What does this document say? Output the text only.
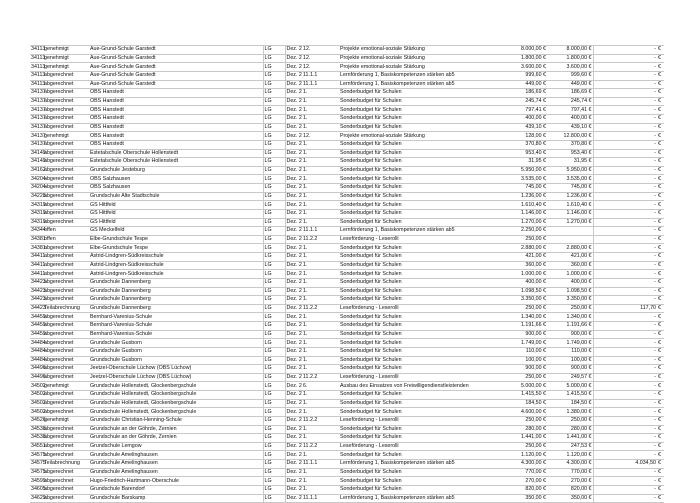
34113	genehmigt	Aue-Grund-Schule Garstedt	LG	Dez. 2	12.	Projekte emotional-soziale Stärkung	8.000,00 €	8.000,00 €	-	€
34113	genehmigt	Aue-Grund-Schule Garstedt	LG	Dez. 2	12.	Projekte emotional-soziale Stärkung	1.800,00 €	1.800,00 €	-	€
34113	genehmigt	Aue-Grund-Schule Garstedt	LG	Dez. 2	12.	Projekte emotional-soziale Stärkung	3.600,00 €	3.600,00 €	-	€
34113	abgerechnet	Aue-Grund-Schule Garstedt	LG	Dez. 2	11.1.1	Lernförderung 1, Basiskompetenzen stärken ab5	999,60 €	999,60 €	-	€
34113	abgerechnet	Aue-Grund-Schule Garstedt	LG	Dez. 2	11.1.1	Lernförderung 1, Basiskompetenzen stärken ab5	449,00 €	449,00 €	-	€
34137	abgerechnet	OBS Hanstedt	LG	Dez. 2	1.	Sonderbudget für Schulen	186,69 €	186,69 €	-	€
34137	abgerechnet	OBS Hanstedt	LG	Dez. 2	1.	Sonderbudget für Schulen	245,74 €	245,74 €	-	€
34137	abgerechnet	OBS Hanstedt	LG	Dez. 2	1.	Sonderbudget für Schulen	797,41 €	797,41 €	-	€
34137	abgerechnet	OBS Hanstedt	LG	Dez. 2	1.	Sonderbudget für Schulen	400,00 €	400,00 €	-	€
34137	abgerechnet	OBS Hanstedt	LG	Dez. 2	1.	Sonderbudget für Schulen	439,10 €	439,10 €	-	€
34137	genehmigt	OBS Hanstedt	LG	Dez. 2	12.	Projekte emotional-soziale Stärkung	128,00 €	12.800,00 €	-	€
34137	abgerechnet	OBS Hanstedt	LG	Dez. 2	1.	Sonderbudget für Schulen	370,80 €	370,80 €	-	€
34149	abgerechnet	Estetalschule Oberschule Hollenstedt	LG	Dez. 2	1.	Sonderbudget für Schulen	953,40 €	953,40 €	-	€
34149	abgerechnet	Estetalschule Oberschule Hollenstedt	LG	Dez. 2	1.	Sonderbudget für Schulen	31,95 €	31,95 €	-	€
34162	abgerechnet	Grundschule Jesteburg	LG	Dez. 2	1.	Sonderbudget für Schulen	5.950,00 €	5.950,00 €	-	€
34204	abgerechnet	OBS Salzhausen	LG	Dez. 2	1.	Sonderbudget für Schulen	3.535,00 €	3.535,00 €	-	€
34204	abgerechnet	OBS Salzhausen	LG	Dez. 2	1.	Sonderbudget für Schulen	745,00 €	745,00 €	-	€
34228	abgerechnet	Grundschule Alte Stadtschule	LG	Dez. 2	1.	Sonderbudget für Schulen	1.236,00 €	1.236,00 €	-	€
34319	abgerechnet	GS Hittfeld	LG	Dez. 2	1.	Sonderbudget für Schulen	1.610,40 €	1.610,40 €	-	€
34319	abgerechnet	GS Hittfeld	LG	Dez. 2	1.	Sonderbudget für Schulen	1.146,00 €	1.146,00 €	-	€
34319	abgerechnet	GS Hittfeld	LG	Dez. 2	1.	Sonderbudget für Schulen	1.270,00 €	1.270,00 €	-	€
34344	offen	GS Meckelfeld	LG	Dez. 2	11.1.1	Lernförderung 1, Basiskompetenzen stärken ab5	2.250,00 €		-	€
34381	offen	Elbe-Grundschule Tespe	LG	Dez. 2	11.2.2	Leseförderung - Leserolli	250,00 €		-	€
34381	abgerechnet	Elbe-Grundschule Tespe	LG	Dez. 2	1.	Sonderbudget für Schulen	2.880,00 €	2.880,00 €	-	€
34411	abgerechnet	Astrid-Lindgren-Südkreisschule	LG	Dez. 2	1.	Sonderbudget für Schulen	421,00 €	421,00 €	-	€
34411	abgerechnet	Astrid-Lindgren-Südkreisschule	LG	Dez. 2	1.	Sonderbudget für Schulen	360,00 €	360,00 €	-	€
34411	abgerechnet	Astrid-Lindgren-Südkreisschule	LG	Dez. 2	1.	Sonderbudget für Schulen	1.000,00 €	1.000,00 €	-	€
34423	abgerechnet	Grundschule Dannenberg	LG	Dez. 2	1.	Sonderbudget für Schulen	400,00 €	400,00 €	-	€
34423	abgerechnet	Grundschule Dannenberg	LG	Dez. 2	1.	Sonderbudget für Schulen	1.098,50 €	1.098,50 €	-	€
34423	abgerechnet	Grundschule Dannenberg	LG	Dez. 2	1.	Sonderbudget für Schulen	3.350,00 €	3.350,00 €	-	€
34423	Teilabrechnung	Grundschule Dannenberg	LG	Dez. 2	11.2.2	Leseförderung - Leserolli	250,00 €	250,00 €	117,70	€
34459	abgerechnet	Bernhard-Varenius-Schule	LG	Dez. 2	1.	Sonderbudget für Schulen	1.340,00 €	1.340,00 €	-	€
34459	abgerechnet	Bernhard-Varenius-Schule	LG	Dez. 2	1.	Sonderbudget für Schulen	1.191,66 €	1.191,66 €	-	€
34459	abgerechnet	Bernhard-Varenius-Schule	LG	Dez. 2	1.	Sonderbudget für Schulen	900,00 €	900,00 €	-	€
34484	abgerechnet	Grundschule Gusborn	LG	Dez. 2	1.	Sonderbudget für Schulen	1.749,00 €	1.749,00 €	-	€
34484	abgerechnet	Grundschule Gusborn	LG	Dez. 2	1.	Sonderbudget für Schulen	110,00 €	110,00 €	-	€
34484	abgerechnet	Grundschule Gusborn	LG	Dez. 2	1.	Sonderbudget für Schulen	100,00 €	100,00 €	-	€
34496	abgerechnet	Jeetzel-Oberschule Lüchow (OBS Lüchow)	LG	Dez. 2	1.	Sonderbudget für Schulen	900,00 €	900,00 €	-	€
34496	abgerechnet	Jeetzel-Oberschule Lüchow (OBS Lüchow)	LG	Dez. 2	11.2.2	Leseförderung - Leserolli	250,00 €	249,57 €	-	€
34502	genehmigt	Grundschule Hollenstedt, Glockenbergschule	LG	Dez. 2	6.	Ausbau des Einsatzes von Freiwilligendienstleistenden	5.000,00 €	5.000,00 €	-	€
34502	abgerechnet	Grundschule Hollenstedt, Glockenbergschule	LG	Dez. 2	1.	Sonderbudget für Schulen	1.415,50 €	1.415,50 €	-	€
34502	abgerechnet	Grundschule Hollenstedt, Glockenbergschule	LG	Dez. 2	1.	Sonderbudget für Schulen	184,50 €	184,50 €	-	€
34502	abgerechnet	Grundschule Hollenstedt, Glockenbergschule	LG	Dez. 2	1.	Sonderbudget für Schulen	4.600,00 €	1.380,00 €	-	€
34526	genehmigt	Grundschule Christian-Henning-Schule	LG	Dez. 2	11.2.2	Leseförderung - Leserolli	250,00 €	250,00 €	-	€
34538	abgerechnet	Grundschule an der Göhrde, Zernien	LG	Dez. 2	1.	Sonderbudget für Schulen	280,00 €	280,00 €	-	€
34538	abgerechnet	Grundschule an der Göhrde, Zernien	LG	Dez. 2	1.	Sonderbudget für Schulen	1.441,00 €	1.441,00 €	-	€
34551	abgerechnet	Grundschule Lemgow	LG	Dez. 2	11.2.2	Leseförderung - Leserolli	250,00 €	247,53 €	-	€
34575	abgerechnet	Grundschule Amelinghausen	LG	Dez. 2	1.	Sonderbudget für Schulen	1.120,00 €	1.120,00 €	-	€
34575	Teilabrechnung	Grundschule Amelinghausen	LG	Dez. 2	11.1.1	Lernförderung 1, Basiskompetenzen stärken ab5	4.300,00 €	4.300,00 €	4.034,50	€
34575	abgerechnet	Grundschule Amelinghausen	LG	Dez. 2	1.	Sonderbudget für Schulen	770,00 €	770,00 €	-	€
34599	abgerechnet	Hugo-Friedrich-Hartmann-Oberschule	LG	Dez. 2	1.	Sonderbudget für Schulen	270,00 €	270,00 €	-	€
34605	abgerechnet	Grundschule Barendorf	LG	Dez. 2	1.	Sonderbudget für Schulen	820,00 €	820,00 €	-	€
34629	abgerechnet	Grundschule Barskamp	LG	Dez. 2	11.1.1	Lernförderung 1, Basiskompetenzen stärken ab5	350,00 €	350,00 €	-	€
